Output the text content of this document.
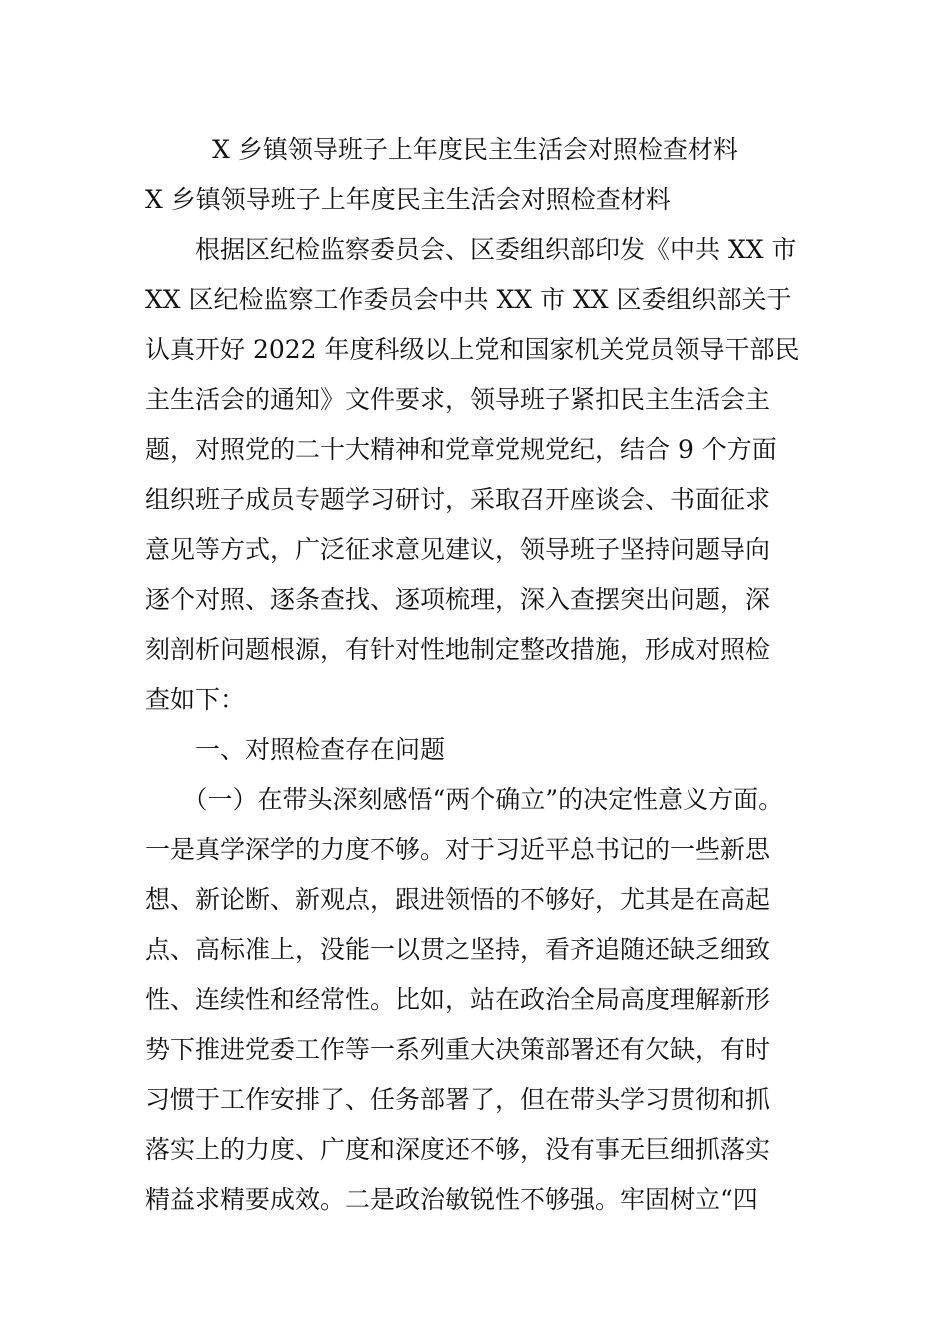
X 乡镇领导班子上年度民主生活会对照检查材料
X 乡镇领导班子上年度民主生活会对照检查材料
　　根据区纪检监察委员会、区委组织部印发《中共 XX 市
XX 区纪检监察工作委员会中共 XX 市 XX 区委组织部关于
认真开好 2022 年度科级以上党和国家机关党员领导干部民
主生活会的通知》文件要求，领导班子紧扣民主生活会主
题，对照党的二十大精神和党章党规党纪，结合 9 个方面
组织班子成员专题学习研讨，采取召开座谈会、书面征求
意见等方式，广泛征求意见建议，领导班子坚持问题导向
逐个对照、逐条查找、逐项梳理，深入查摆突出问题，深
刻剖析问题根源，有针对性地制定整改措施，形成对照检
查如下：
　　一、对照检查存在问题
　　（一）在带头深刻感悟“两个确立”的决定性意义方面。
一是真学深学的力度不够。对于习近平总书记的一些新思
想、新论断、新观点，跟进领悟的不够好，尤其是在高起
点、高标准上，没能一以贯之坚持，看齐追随还缺乏细致
性、连续性和经常性。比如，站在政治全局高度理解新形
势下推进党委工作等一系列重大决策部署还有欠缺，有时
习惯于工作安排了、任务部署了，但在带头学习贯彻和抓
落实上的力度、广度和深度还不够，没有事无巨细抓落实
精益求精要成效。二是政治敏锐性不够强。牢固树立“四
